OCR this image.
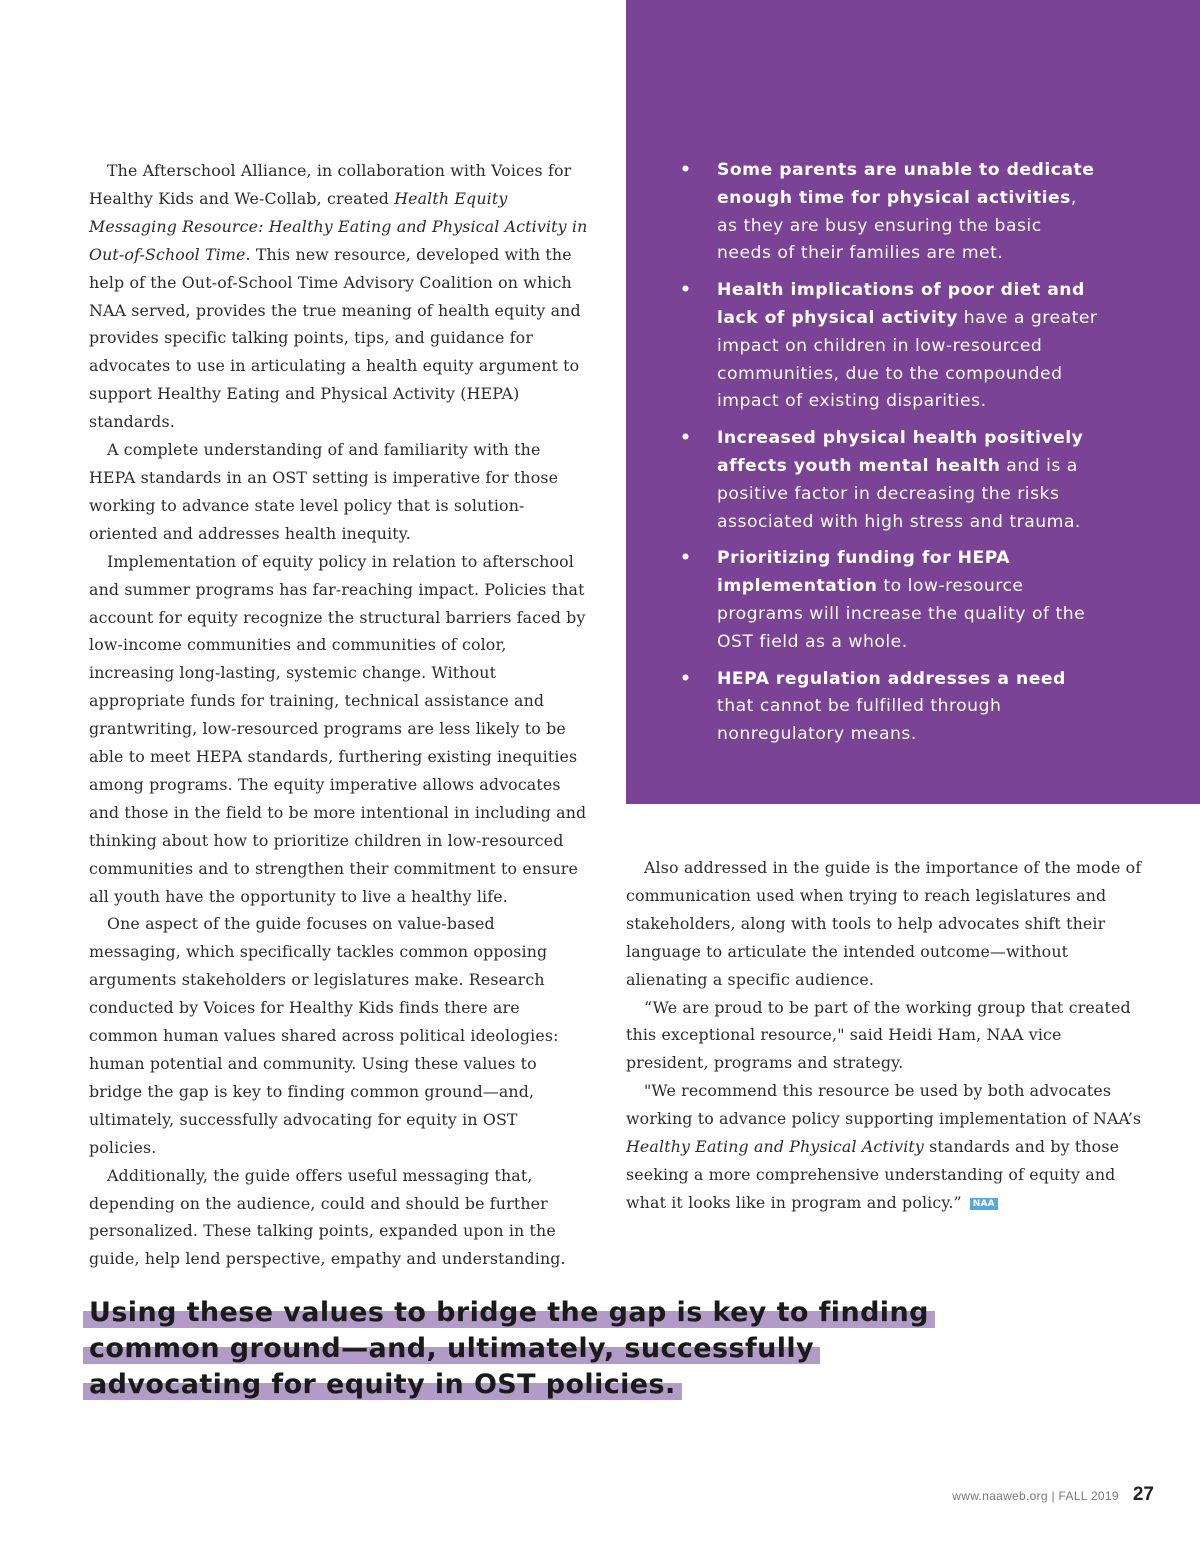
• Some parents are unable to dedicate enough time for physical activities, as they are busy ensuring the basic needs of their families are met.
• Health implications of poor diet and lack of physical activity have a greater impact on children in low-resourced communities, due to the compounded impact of existing disparities.
• Increased physical health positively affects youth mental health and is a positive factor in decreasing the risks associated with high stress and trauma.
• Prioritizing funding for HEPA implementation to low-resource programs will increase the quality of the OST field as a whole.
• HEPA regulation addresses a need that cannot be fulfilled through nonregulatory means.

The Afterschool Alliance, in collaboration with Voices for Healthy Kids and We-Collab, created Health Equity Messaging Resource: Healthy Eating and Physical Activity in Out-of-School Time. This new resource, developed with the help of the Out-of-School Time Advisory Coalition on which NAA served, provides the true meaning of health equity and provides specific talking points, tips, and guidance for advocates to use in articulating a health equity argument to support Healthy Eating and Physical Activity (HEPA) standards.

A complete understanding of and familiarity with the HEPA standards in an OST setting is imperative for those working to advance state level policy that is solution-oriented and addresses health inequity.

Implementation of equity policy in relation to afterschool and summer programs has far-reaching impact. Policies that account for equity recognize the structural barriers faced by low-income communities and communities of color, increasing long-lasting, systemic change. Without appropriate funds for training, technical assistance and grantwriting, low-resourced programs are less likely to be able to meet HEPA standards, furthering existing inequities among programs. The equity imperative allows advocates and those in the field to be more intentional in including and thinking about how to prioritize children in low-resourced communities and to strengthen their commitment to ensure all youth have the opportunity to live a healthy life.

One aspect of the guide focuses on value-based messaging, which specifically tackles common opposing arguments stakeholders or legislatures make. Research conducted by Voices for Healthy Kids finds there are common human values shared across political ideologies: human potential and community. Using these values to bridge the gap is key to finding common ground—and, ultimately, successfully advocating for equity in OST policies.

Additionally, the guide offers useful messaging that, depending on the audience, could and should be further personalized. These talking points, expanded upon in the guide, help lend perspective, empathy and understanding.

Also addressed in the guide is the importance of the mode of communication used when trying to reach legislatures and stakeholders, along with tools to help advocates shift their language to articulate the intended outcome—without alienating a specific audience.

“We are proud to be part of the working group that created this exceptional resource," said Heidi Ham, NAA vice president, programs and strategy.

"We recommend this resource be used by both advocates working to advance policy supporting implementation of NAA’s Healthy Eating and Physical Activity standards and by those seeking a more comprehensive understanding of equity and what it looks like in program and policy.” NAA

Using these values to bridge the gap is key to finding
common ground—and, ultimately, successfully
advocating for equity in OST policies.
www.naaweb.org | FALL 2019 27
